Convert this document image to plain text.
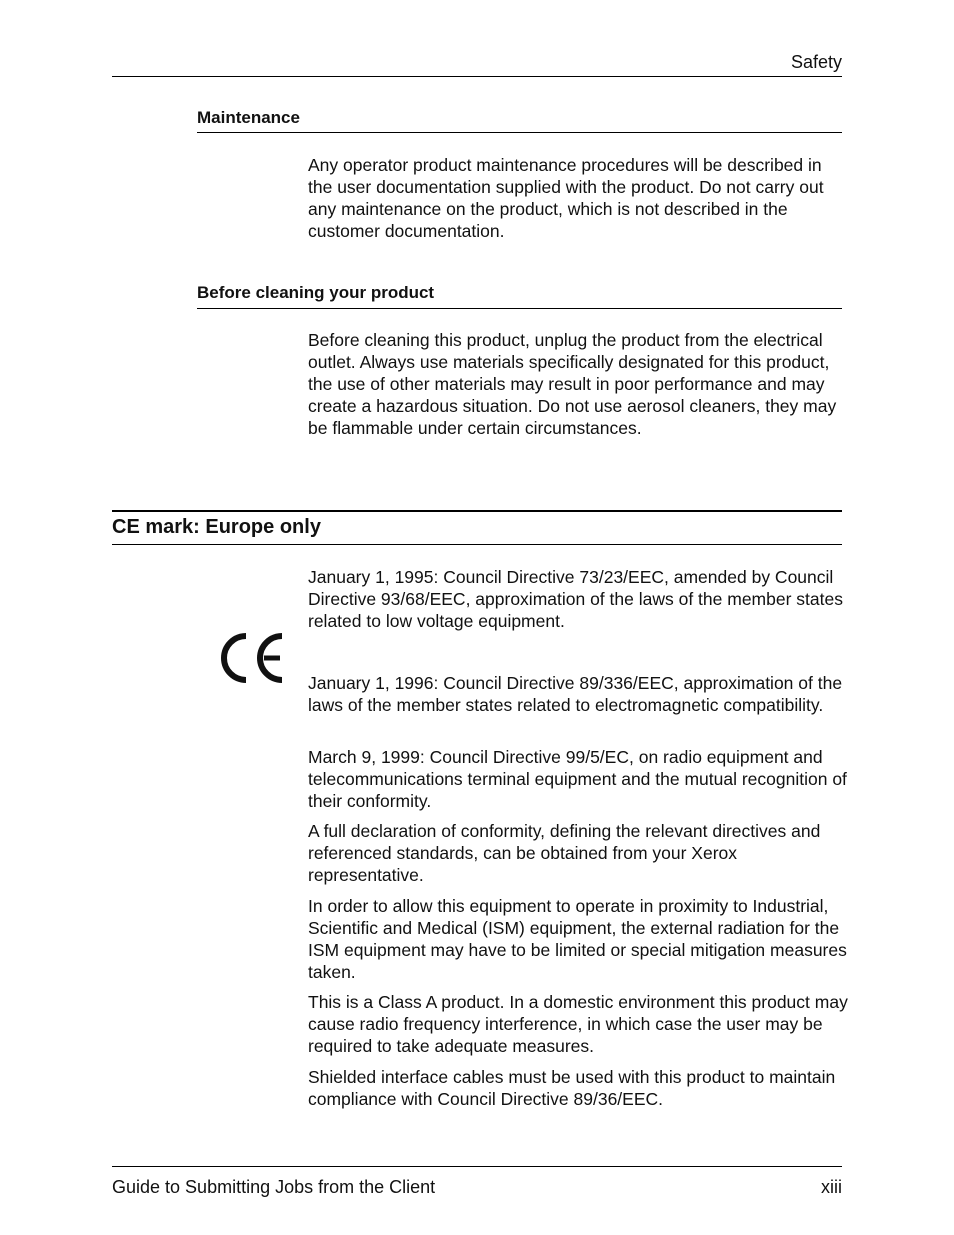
Safety
Maintenance

Any operator product maintenance procedures will be described in the user documentation supplied with the product. Do not carry out any maintenance on the product, which is not described in the customer documentation.

Before cleaning your product

Before cleaning this product, unplug the product from the electrical outlet. Always use materials specifically designated for this product, the use of other materials may result in poor performance and may create a hazardous situation. Do not use aerosol cleaners, they may be flammable under certain circumstances.

CE mark: Europe only

January 1, 1995: Council Directive 73/23/EEC, amended by Council Directive 93/68/EEC, approximation of the laws of the member states related to low voltage equipment.

January 1, 1996: Council Directive 89/336/EEC, approximation of the laws of the member states related to electromagnetic compatibility.

March 9, 1999: Council Directive 99/5/EC, on radio equipment and telecommunications terminal equipment and the mutual recognition of their conformity.

A full declaration of conformity, defining the relevant directives and referenced standards, can be obtained from your Xerox representative.

In order to allow this equipment to operate in proximity to Industrial, Scientific and Medical (ISM) equipment, the external radiation for the ISM equipment may have to be limited or special mitigation measures taken.

This is a Class A product. In a domestic environment this product may cause radio frequency interference, in which case the user may be required to take adequate measures.

Shielded interface cables must be used with this product to maintain compliance with Council Directive 89/36/EEC.

Guide to Submitting Jobs from the Client	xiii
